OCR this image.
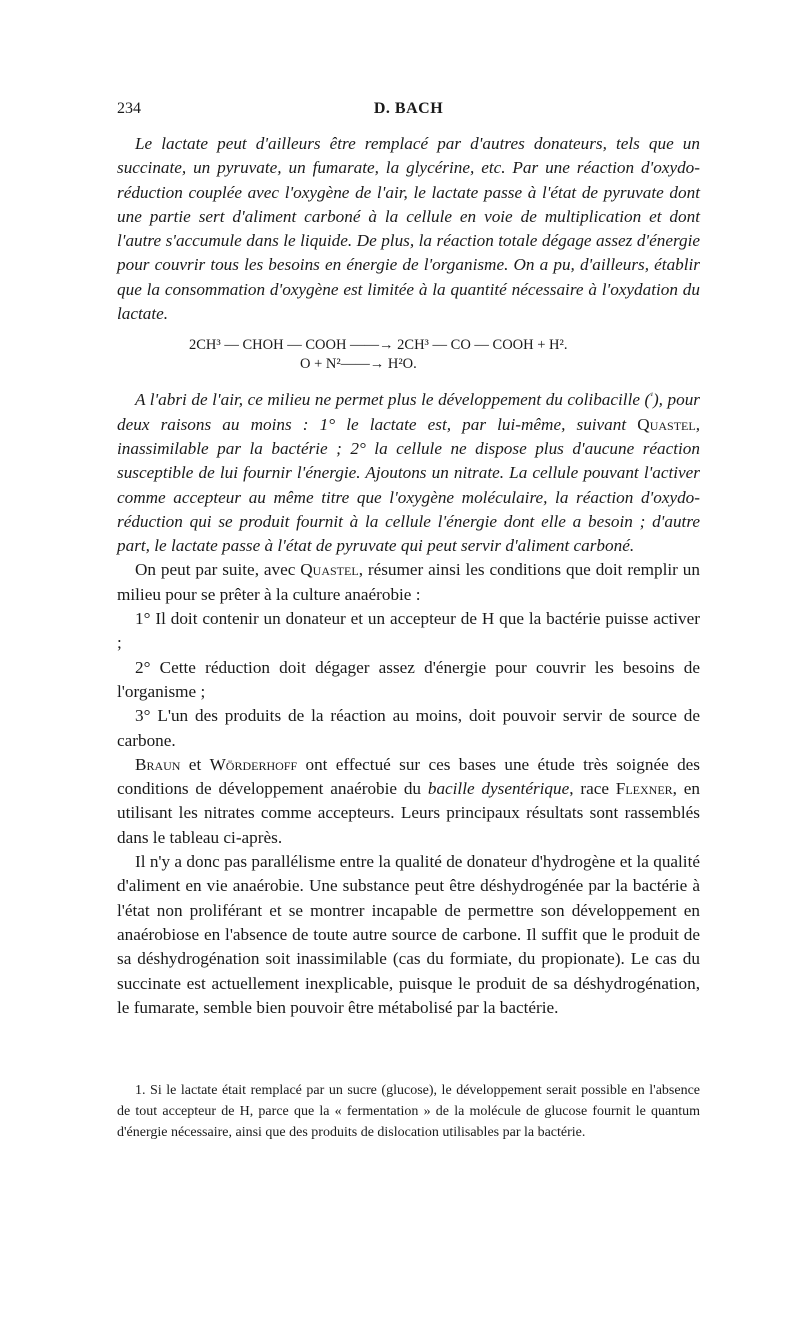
234	D. BACH

Le lactate peut d'ailleurs être remplacé par d'autres donateurs, tels que un succinate, un pyruvate, un fumarate, la glycérine, etc. Par une réaction d'oxydo-réduction couplée avec l'oxygène de l'air, le lactate passe à l'état de pyruvate dont une partie sert d'aliment carboné à la cellule en voie de multiplication et dont l'autre s'accumule dans le liquide. De plus, la réaction totale dégage assez d'énergie pour couvrir tous les besoins en énergie de l'organisme. On a pu, d'ailleurs, établir que la consommation d'oxygène est limitée à la quantité nécessaire à l'oxydation du lactate.

2CH³ — CHOH — COOH ——→ 2CH³ — CO — COOH + H².
O + N²——→ H²O.

A l'abri de l'air, ce milieu ne permet plus le développement du colibacille ($^{^1}$), pour deux raisons au moins : 1° le lactate est, par lui-même, suivant Quastel, inassimilable par la bactérie ; 2° la cellule ne dispose plus d'aucune réaction susceptible de lui fournir l'énergie. Ajoutons un nitrate. La cellule pouvant l'activer comme accepteur au même titre que l'oxygène moléculaire, la réaction d'oxydo-réduction qui se produit fournit à la cellule l'énergie dont elle a besoin ; d'autre part, le lactate passe à l'état de pyruvate qui peut servir d'aliment carboné.

On peut par suite, avec Quastel, résumer ainsi les conditions que doit remplir un milieu pour se prêter à la culture anaérobie :

1° Il doit contenir un donateur et un accepteur de H que la bactérie puisse activer ;

2° Cette réduction doit dégager assez d'énergie pour couvrir les besoins de l'organisme ;

3° L'un des produits de la réaction au moins, doit pouvoir servir de source de carbone.

Braun et Wörderhoff ont effectué sur ces bases une étude très soignée des conditions de développement anaérobie du bacille dysentérique, race Flexner, en utilisant les nitrates comme accepteurs. Leurs principaux résultats sont rassemblés dans le tableau ci-après.

Il n'y a donc pas parallélisme entre la qualité de donateur d'hydrogène et la qualité d'aliment en vie anaérobie. Une substance peut être déshydrogénée par la bactérie à l'état non proliférant et se montrer incapable de permettre son développement en anaérobiose en l'absence de toute autre source de carbone. Il suffit que le produit de sa déshydrogénation soit inassimilable (cas du formiate, du propionate). Le cas du succinate est actuellement inexplicable, puisque le produit de sa déshydrogénation, le fumarate, semble bien pouvoir être métabolisé par la bactérie.

1. Si le lactate était remplacé par un sucre (glucose), le développement serait possible en l'absence de tout accepteur de H, parce que la « fermentation » de la molécule de glucose fournit le quantum d'énergie nécessaire, ainsi que des produits de dislocation utilisables par la bactérie.
